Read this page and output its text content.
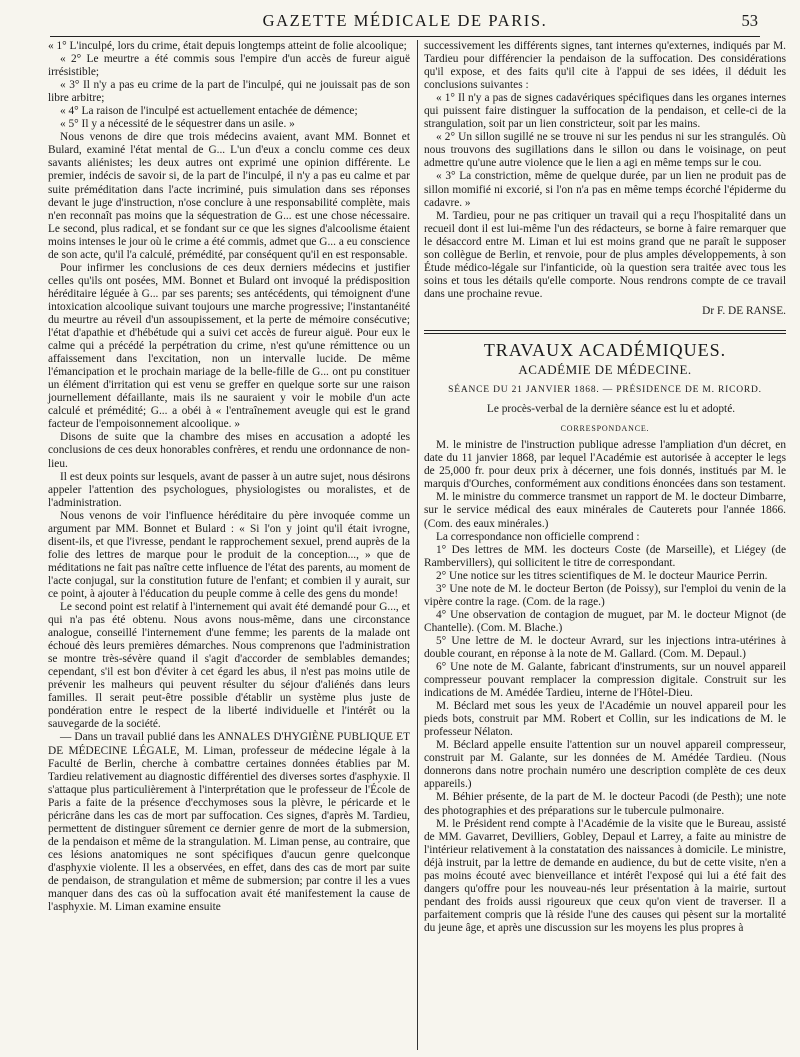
GAZETTE MÉDICALE DE PARIS.	53

« 1° L'inculpé, lors du crime, était depuis longtemps atteint de folie alcoolique;

« 2° Le meurtre a été commis sous l'empire d'un accès de fureur aiguë irrésistible;

« 3° Il n'y a pas eu crime de la part de l'inculpé, qui ne jouissait pas de son libre arbitre;

« 4° La raison de l'inculpé est actuellement entachée de démence;

« 5° Il y a nécessité de le séquestrer dans un asile. »

Nous venons de dire que trois médecins avaient, avant MM. Bonnet et Bulard, examiné l'état mental de G... L'un d'eux a conclu comme ces deux savants aliénistes; les deux autres ont exprimé une opinion différente. Le premier, indécis de savoir si, de la part de l'inculpé, il n'y a pas eu calme et par suite préméditation dans l'acte incriminé, puis simulation dans ses réponses devant le juge d'instruction, n'ose conclure à une responsabilité complète, mais n'en reconnaît pas moins que la séquestration de G... est une chose nécessaire. Le second, plus radical, et se fondant sur ce que les signes d'alcoolisme étaient moins intenses le jour où le crime a été commis, admet que G... a eu conscience de son acte, qu'il l'a calculé, prémédité, par conséquent qu'il en est responsable.

Pour infirmer les conclusions de ces deux derniers médecins et justifier celles qu'ils ont posées, MM. Bonnet et Bulard ont invoqué la prédisposition héréditaire léguée à G... par ses parents; ses antécédents, qui témoignent d'une intoxication alcoolique suivant toujours une marche progressive; l'instantanéité du meurtre au réveil d'un assoupissement, et la perte de mémoire consécutive; l'état d'apathie et d'hébétude qui a suivi cet accès de fureur aiguë. Pour eux le calme qui a précédé la perpétration du crime, n'est qu'une rémittence ou un affaissement dans l'excitation, non un intervalle lucide. De même l'émancipation et le prochain mariage de la belle-fille de G... ont pu constituer un élément d'irritation qui est venu se greffer en quelque sorte sur une raison journellement défaillante, mais ils ne sauraient y voir le mobile d'un acte calculé et prémédité; G... a obéi à « l'entraînement aveugle qui est le grand facteur de l'empoisonnement alcoolique. »

Disons de suite que la chambre des mises en accusation a adopté les conclusions de ces deux honorables confrères, et rendu une ordonnance de non-lieu.

Il est deux points sur lesquels, avant de passer à un autre sujet, nous désirons appeler l'attention des psychologues, physiologistes ou moralistes, et de l'administration.

Nous venons de voir l'influence héréditaire du père invoquée comme un argument par MM. Bonnet et Bulard : « Si l'on y joint qu'il était ivrogne, disent-ils, et que l'ivresse, pendant le rapprochement sexuel, prend auprès de la folie des lettres de marque pour le produit de la conception..., » que de méditations ne fait pas naître cette influence de l'état des parents, au moment de l'acte conjugal, sur la constitution future de l'enfant; et combien il y aurait, sur ce point, à ajouter à l'éducation du peuple comme à celle des gens du monde!

Le second point est relatif à l'internement qui avait été demandé pour G..., et qui n'a pas été obtenu. Nous avons nous-même, dans une circonstance analogue, conseillé l'internement d'une femme; les parents de la malade ont échoué dès leurs premières démarches. Nous comprenons que l'administration se montre très-sévère quand il s'agit d'accorder de semblables demandes; cependant, s'il est bon d'éviter à cet égard les abus, il n'est pas moins utile de prévenir les malheurs qui peuvent résulter du séjour d'aliénés dans leurs familles. Il serait peut-être possible d'établir un système plus juste de pondération entre le respect de la liberté individuelle et l'intérêt ou la sauvegarde de la société.

— Dans un travail publié dans les ANNALES D'HYGIÈNE PUBLIQUE ET DE MÉDECINE LÉGALE, M. Liman, professeur de médecine légale à la Faculté de Berlin, cherche à combattre certaines données établies par M. Tardieu relativement au diagnostic différentiel des diverses sortes d'asphyxie. Il s'attaque plus particulièrement à l'interprétation que le professeur de l'École de Paris a faite de la présence d'ecchymoses sous la plèvre, le péricarde et le péricrâne dans les cas de mort par suffocation. Ces signes, d'après M. Tardieu, permettent de distinguer sûrement ce dernier genre de mort de la submersion, de la pendaison et même de la strangulation. M. Liman pense, au contraire, que ces lésions anatomiques ne sont spécifiques d'aucun genre quelconque d'asphyxie violente. Il les a observées, en effet, dans des cas de mort par suite de pendaison, de strangulation et même de submersion; par contre il les a vues manquer dans des cas où la suffocation avait été manifestement la cause de l'asphyxie. M. Liman examine ensuite

successivement les différents signes, tant internes qu'externes, indiqués par M. Tardieu pour différencier la pendaison de la suffocation. Des considérations qu'il expose, et des faits qu'il cite à l'appui de ses idées, il déduit les conclusions suivantes :

« 1° Il n'y a pas de signes cadavériques spécifiques dans les organes internes qui puissent faire distinguer la suffocation de la pendaison, et celle-ci de la strangulation, soit par un lien constricteur, soit par les mains.

« 2° Un sillon sugillé ne se trouve ni sur les pendus ni sur les strangulés. Où nous trouvons des sugillations dans le sillon ou dans le voisinage, on peut admettre qu'une autre violence que le lien a agi en même temps sur le cou.

« 3° La constriction, même de quelque durée, par un lien ne produit pas de sillon momifié ni excorié, si l'on n'a pas en même temps écorché l'épiderme du cadavre. »

M. Tardieu, pour ne pas critiquer un travail qui a reçu l'hospitalité dans un recueil dont il est lui-même l'un des rédacteurs, se borne à faire remarquer que le désaccord entre M. Liman et lui est moins grand que ne paraît le supposer son collègue de Berlin, et renvoie, pour de plus amples développements, à son Étude médico-légale sur l'infanticide, où la question sera traitée avec tous les soins et tous les détails qu'elle comporte. Nous rendrons compte de ce travail dans une prochaine revue.

Dr F. DE RANSE.

TRAVAUX ACADÉMIQUES.
ACADÉMIE DE MÉDECINE.
SÉANCE DU 21 JANVIER 1868. — PRÉSIDENCE DE M. RICORD.

Le procès-verbal de la dernière séance est lu et adopté.

CORRESPONDANCE.

M. le ministre de l'instruction publique adresse l'ampliation d'un décret, en date du 11 janvier 1868, par lequel l'Académie est autorisée à accepter le legs de 25,000 fr. pour deux prix à décerner, une fois donnés, institués par M. le marquis d'Ourches, conformément aux conditions énoncées dans son testament.

M. le ministre du commerce transmet un rapport de M. le docteur Dimbarre, sur le service médical des eaux minérales de Cauterets pour l'année 1866. (Com. des eaux minérales.)

La correspondance non officielle comprend :

1° Des lettres de MM. les docteurs Coste (de Marseille), et Liégey (de Rambervillers), qui sollicitent le titre de correspondant.

2° Une notice sur les titres scientifiques de M. le docteur Maurice Perrin.

3° Une note de M. le docteur Berton (de Poissy), sur l'emploi du venin de la vipère contre la rage. (Com. de la rage.)

4° Une observation de contagion de muguet, par M. le docteur Mignot (de Chantelle). (Com. M. Blache.)

5° Une lettre de M. le docteur Avrard, sur les injections intra-utérines à double courant, en réponse à la note de M. Gallard. (Com. M. Depaul.)

6° Une note de M. Galante, fabricant d'instruments, sur un nouvel appareil compresseur pouvant remplacer la compression digitale. Construit sur les indications de M. Amédée Tardieu, interne de l'Hôtel-Dieu.

M. Béclard met sous les yeux de l'Académie un nouvel appareil pour les pieds bots, construit par MM. Robert et Collin, sur les indications de M. le professeur Nélaton.

M. Béclard appelle ensuite l'attention sur un nouvel appareil compresseur, construit par M. Galante, sur les données de M. Amédée Tardieu. (Nous donnerons dans notre prochain numéro une description complète de ces deux appareils.)

M. Béhier présente, de la part de M. le docteur Pacodi (de Pesth); une note des photographies et des préparations sur le tubercule pulmonaire.

M. le Président rend compte à l'Académie de la visite que le Bureau, assisté de MM. Gavarret, Devilliers, Gobley, Depaul et Larrey, a faite au ministre de l'intérieur relativement à la constatation des naissances à domicile. Le ministre, déjà instruit, par la lettre de demande en audience, du but de cette visite, n'en a pas moins écouté avec bienveillance et intérêt l'exposé qui lui a été fait des dangers qu'offre pour les nouveau-nés leur présentation à la mairie, surtout pendant des froids aussi rigoureux que ceux qu'on vient de traverser. Il a parfaitement compris que là réside l'une des causes qui pèsent sur la mortalité du jeune âge, et après une discussion sur les moyens les plus propres à
